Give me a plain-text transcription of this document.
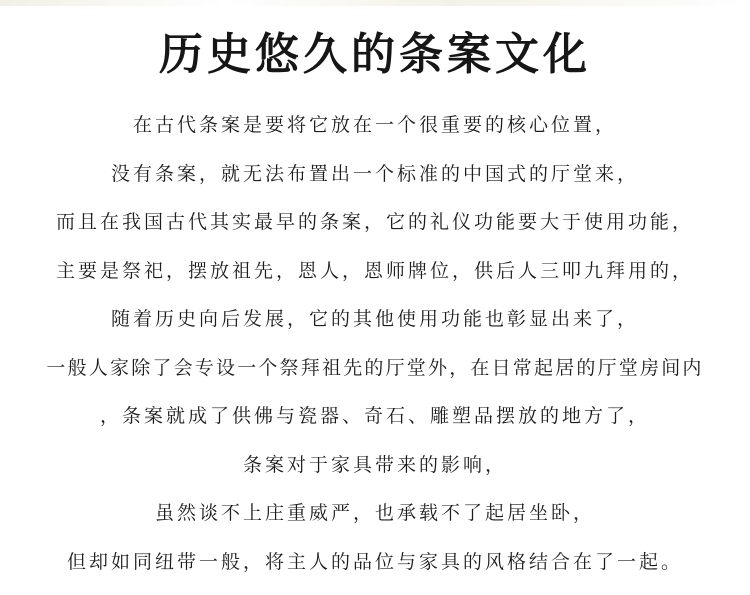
历史悠久的条案文化
在古代条案是要将它放在一个很重要的核心位置，
没有条案，就无法布置出一个标准的中国式的厅堂来，
而且在我国古代其实最早的条案，它的礼仪功能要大于使用功能，
主要是祭祀，摆放祖先，恩人，恩师牌位，供后人三叩九拜用的，
随着历史向后发展，它的其他使用功能也彰显出来了，
一般人家除了会专设一个祭拜祖先的厅堂外，在日常起居的厅堂房间内
，条案就成了供佛与瓷器、奇石、雕塑品摆放的地方了，
条案对于家具带来的影响，
虽然谈不上庄重威严，也承载不了起居坐卧，
但却如同纽带一般，将主人的品位与家具的风格结合在了一起。
